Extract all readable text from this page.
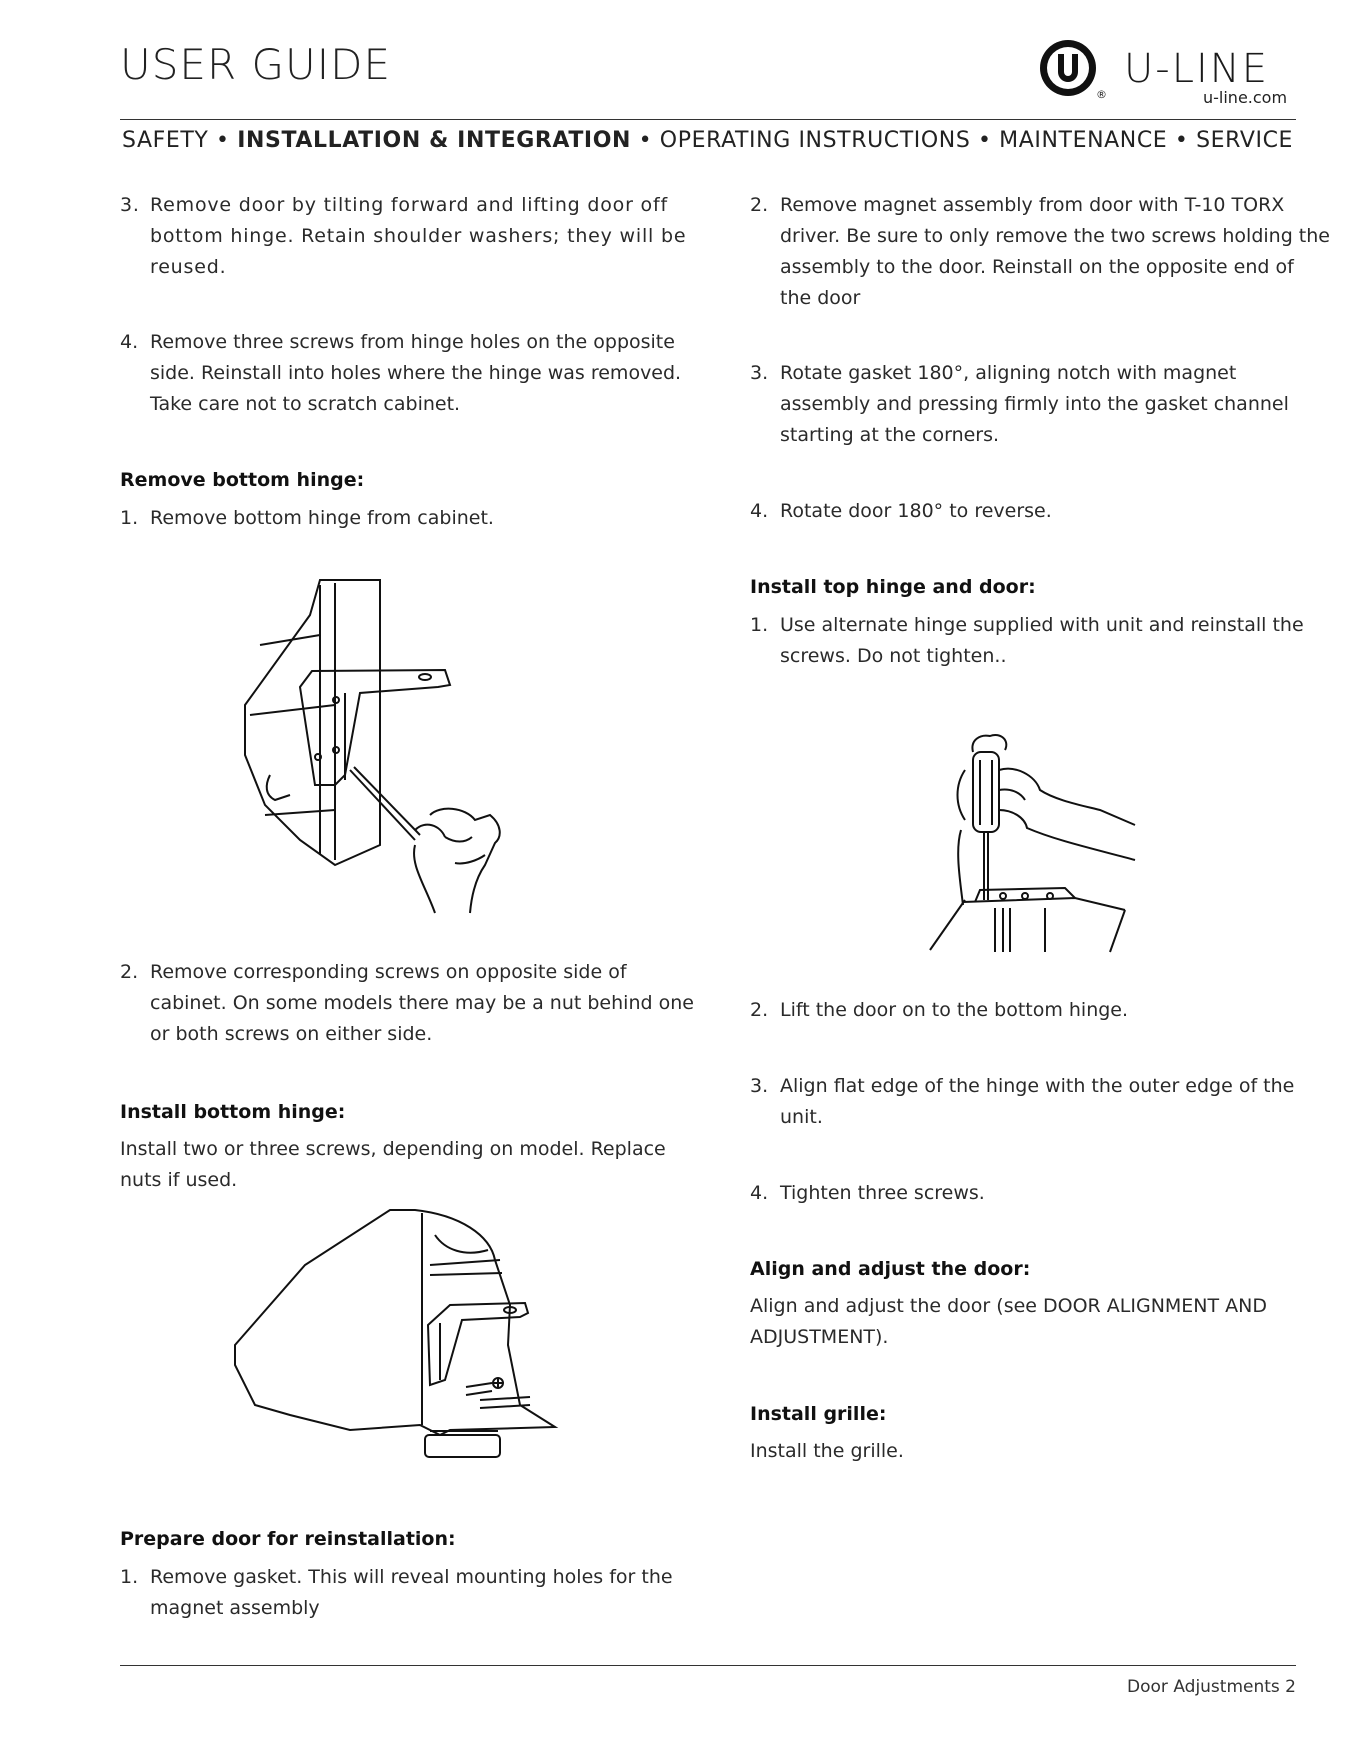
USER GUIDE
®
U-LINE
u-line.com
SAFETY • INSTALLATION & INTEGRATION • OPERATING INSTRUCTIONS • MAINTENANCE • SERVICE
3. Remove door by tilting forward and lifting door off bottom hinge. Retain shoulder washers; they will be reused.
4. Remove three screws from hinge holes on the opposite side. Reinstall into holes where the hinge was removed. Take care not to scratch cabinet.
Remove bottom hinge:
1. Remove bottom hinge from cabinet.
2. Remove corresponding screws on opposite side of cabinet. On some models there may be a nut behind one or both screws on either side.
Install bottom hinge:
Install two or three screws, depending on model. Replace nuts if used.
Prepare door for reinstallation:
1. Remove gasket. This will reveal mounting holes for the magnet assembly
2. Remove magnet assembly from door with T-10 TORX driver. Be sure to only remove the two screws holding the assembly to the door. Reinstall on the opposite end of the door
3. Rotate gasket 180°, aligning notch with magnet assembly and pressing firmly into the gasket channel starting at the corners.
4. Rotate door 180° to reverse.
Install top hinge and door:
1. Use alternate hinge supplied with unit and reinstall the screws. Do not tighten..
2. Lift the door on to the bottom hinge.
3. Align flat edge of the hinge with the outer edge of the unit.
4. Tighten three screws.
Align and adjust the door:
Align and adjust the door (see DOOR ALIGNMENT AND ADJUSTMENT).
Install grille:
Install the grille.
Door Adjustments 2
